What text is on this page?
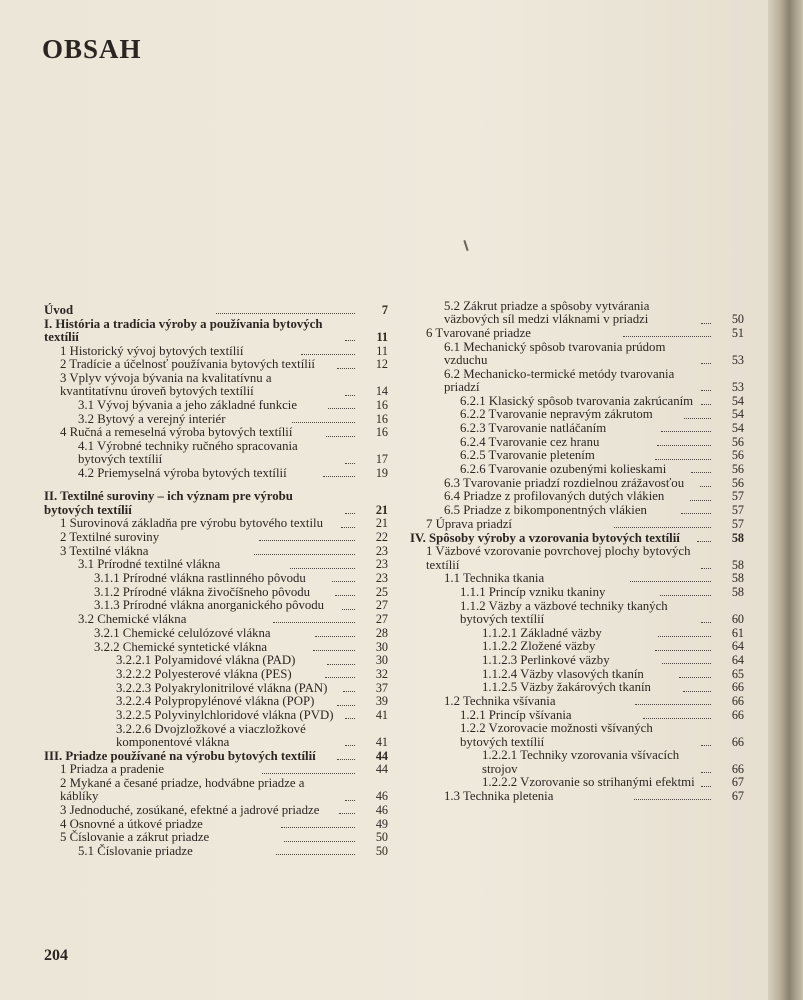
OBSAH
Úvod	7
I. História a tradícia výroby a používania bytových textílií	11
1 Historický vývoj bytových textílií	11
2 Tradície a účelnosť používania bytových textílií	12
3 Vplyv vývoja bývania na kvalitatívnu a kvantitatívnu úroveň bytových textílií	14
3.1 Vývoj bývania a jeho základné funkcie	16
3.2 Bytový a verejný interiér	16
4 Ručná a remeselná výroba bytových textílií	16
4.1 Výrobné techniky ručného spracovania bytových textílií	17
4.2 Priemyselná výroba bytových textílií	19
II. Textilné suroviny – ich význam pre výrobu bytových textílií	21
1 Surovinová základňa pre výrobu bytového textilu	21
2 Textilné suroviny	22
3 Textilné vlákna	23
3.1 Prírodné textilné vlákna	23
3.1.1 Prírodné vlákna rastlinného pôvodu	23
3.1.2 Prírodné vlákna živočíšneho pôvodu	25
3.1.3 Prírodné vlákna anorganického pôvodu	27
3.2 Chemické vlákna	27
3.2.1 Chemické celulózové vlákna	28
3.2.2 Chemické syntetické vlákna	30
3.2.2.1 Polyamidové vlákna (PAD)	30
3.2.2.2 Polyesterové vlákna (PES)	32
3.2.2.3 Polyakrylonitrilové vlákna (PAN)	37
3.2.2.4 Polypropylénové vlákna (POP)	39
3.2.2.5 Polyvinylchloridové vlákna (PVD)	41
3.2.2.6 Dvojzložkové a viaczložkové komponentové vlákna	41
III. Priadze používané na výrobu bytových textílií	44
1 Priadza a pradenie	44
2 Mykané a česané priadze, hodvábne priadze a káblíky	46
3 Jednoduché, zosúkané, efektné a jadrové priadze	46
4 Osnovné a útkové priadze	49
5 Číslovanie a zákrut priadze	50
5.1 Číslovanie priadze	50
5.2 Zákrut priadze a spôsoby vytvárania väzbových síl medzi vláknami v priadzi	50
6 Tvarované priadze	51
6.1 Mechanický spôsob tvarovania prúdom vzduchu	53
6.2 Mechanicko-termické metódy tvarovania priadzí	53
6.2.1 Klasický spôsob tvarovania zakrúcaním	54
6.2.2 Tvarovanie nepravým zákrutom	54
6.2.3 Tvarovanie natláčaním	54
6.2.4 Tvarovanie cez hranu	56
6.2.5 Tvarovanie pletením	56
6.2.6 Tvarovanie ozubenými kolieskami	56
6.3 Tvarovanie priadzí rozdielnou zrážavosťou	56
6.4 Priadze z profilovaných dutých vlákien	57
6.5 Priadze z bikomponentných vlákien	57
7 Úprava priadzí	57
IV. Spôsoby výroby a vzorovania bytových textílií	58
1 Väzbové vzorovanie povrchovej plochy bytových textílií	58
1.1 Technika tkania	58
1.1.1 Princíp vzniku tkaniny	58
1.1.2 Väzby a väzbové techniky tkaných bytových textílií	60
1.1.2.1 Základné väzby	61
1.1.2.2 Zložené väzby	64
1.1.2.3 Perlinkové väzby	64
1.1.2.4 Väzby vlasových tkanín	65
1.1.2.5 Väzby žakárových tkanín	66
1.2 Technika všívania	66
1.2.1 Princíp všívania	66
1.2.2 Vzorovacie možnosti všívaných bytových textílií	66
1.2.2.1 Techniky vzorovania všívacích strojov	66
1.2.2.2 Vzorovanie so strihanými efektmi	67
1.3 Technika pletenia	67

204
